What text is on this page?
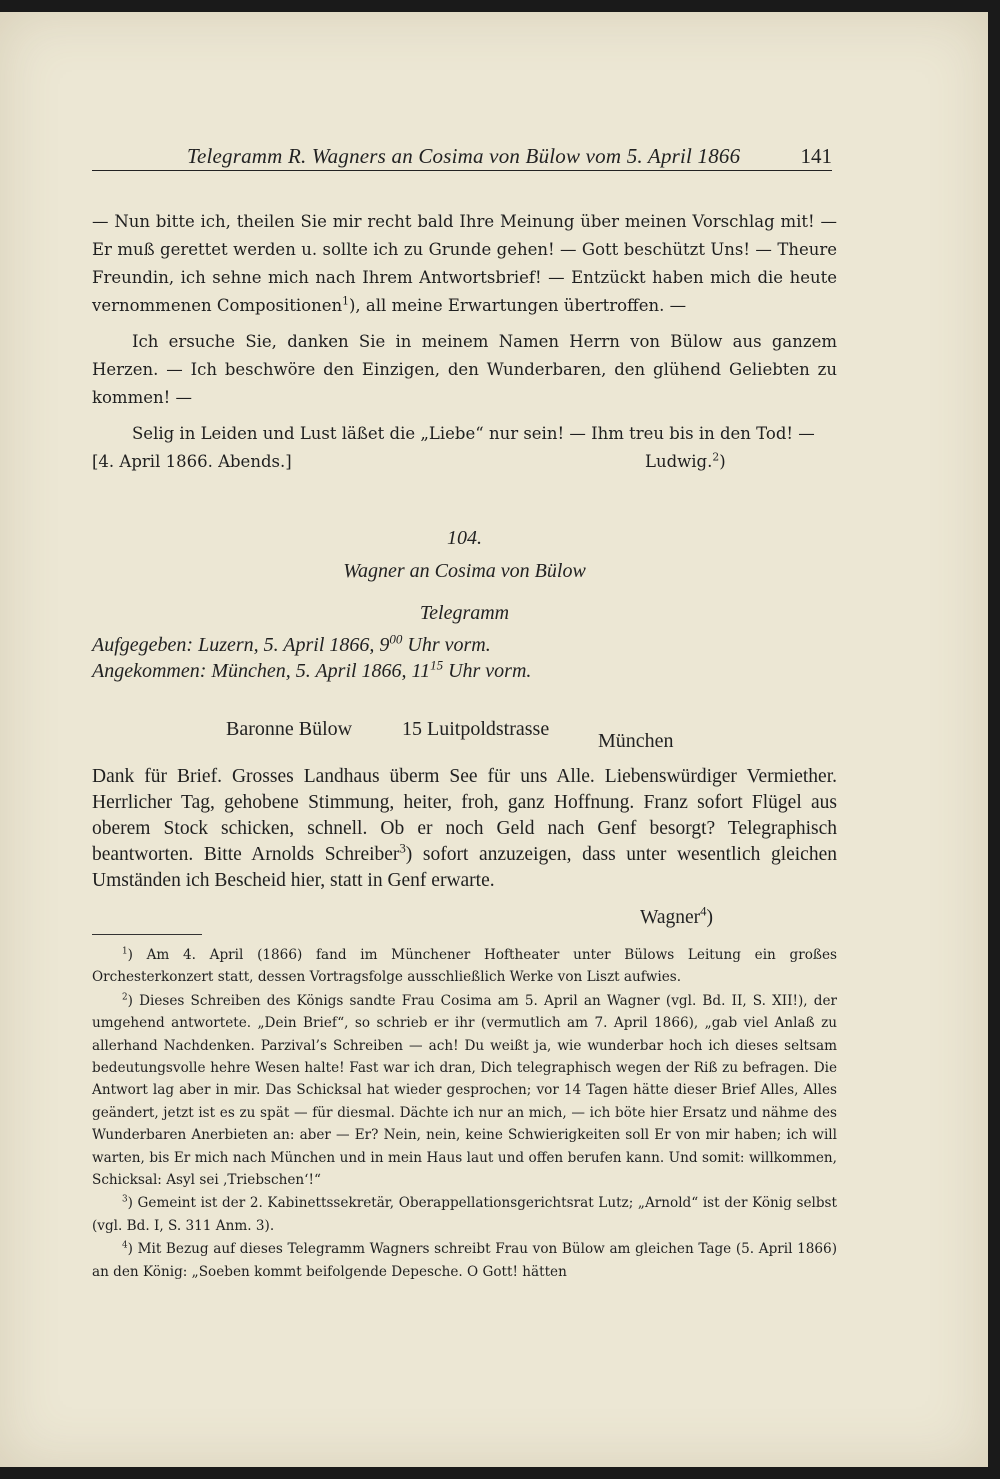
Telegramm R. Wagners an Cosima von Bülow vom 5. April 1866	141

— Nun bitte ich, theilen Sie mir recht bald Ihre Meinung über meinen Vorschlag mit! — Er muß gerettet werden u. sollte ich zu Grunde gehen! — Gott beschützt Uns! — Theure Freundin, ich sehne mich nach Ihrem Antwortsbrief! — Entzückt haben mich die heute vernommenen Compositionen$^1$), all meine Erwartungen übertroffen. —

Ich ersuche Sie, danken Sie in meinem Namen Herrn von Bülow aus ganzem Herzen. — Ich beschwöre den Einzigen, den Wunderbaren, den glühend Geliebten zu kommen! —

Selig in Leiden und Lust läßet die „Liebe“ nur sein! — Ihm treu bis in den Tod! —

[4. April 1866. Abends.]	Ludwig.$^2$)
104.
Wagner an Cosima von Bülow
Telegramm
Aufgegeben: Luzern, 5. April 1866, $9^{00}$ Uhr vorm.
Angekommen: München, 5. April 1866, $11^{15}$ Uhr vorm.
Baronne Bülow 15 Luitpoldstrasse
München

Dank für Brief. Grosses Landhaus überm See für uns Alle. Liebenswürdiger Vermiether. Herrlicher Tag, gehobene Stimmung, heiter, froh, ganz Hoffnung. Franz sofort Flügel aus oberem Stock schicken, schnell. Ob er noch Geld nach Genf besorgt? Telegraphisch beantworten. Bitte Arnolds Schreiber$^3$) sofort anzuzeigen, dass unter wesentlich gleichen Umständen ich Bescheid hier, statt in Genf erwarte.

Wagner$^4$)

$^1$) Am 4. April (1866) fand im Münchener Hoftheater unter Bülows Leitung ein großes Orchesterkonzert statt, dessen Vortragsfolge ausschließlich Werke von Liszt aufwies.

$^2$) Dieses Schreiben des Königs sandte Frau Cosima am 5. April an Wagner (vgl. Bd. II, S. XII!), der umgehend antwortete. „Dein Brief“, so schrieb er ihr (vermutlich am 7. April 1866), „gab viel Anlaß zu allerhand Nachdenken. Parzival’s Schreiben — ach! Du weißt ja, wie wunderbar hoch ich dieses seltsam bedeutungsvolle hehre Wesen halte! Fast war ich dran, Dich telegraphisch wegen der Riß zu befragen. Die Antwort lag aber in mir. Das Schicksal hat wieder gesprochen; vor 14 Tagen hätte dieser Brief Alles, Alles geändert, jetzt ist es zu spät — für diesmal. Dächte ich nur an mich, — ich böte hier Ersatz und nähme des Wunderbaren Anerbieten an: aber — Er? Nein, nein, keine Schwierigkeiten soll Er von mir haben; ich will warten, bis Er mich nach München und in mein Haus laut und offen berufen kann. Und somit: willkommen, Schicksal: Asyl sei ‚Triebschen‘!“

$^3$) Gemeint ist der 2. Kabinettssekretär, Oberappellationsgerichtsrat Lutz; „Arnold“ ist der König selbst (vgl. Bd. I, S. 311 Anm. 3).

$^4$) Mit Bezug auf dieses Telegramm Wagners schreibt Frau von Bülow am gleichen Tage (5. April 1866) an den König: „Soeben kommt beifolgende Depesche. O Gott! hätten
